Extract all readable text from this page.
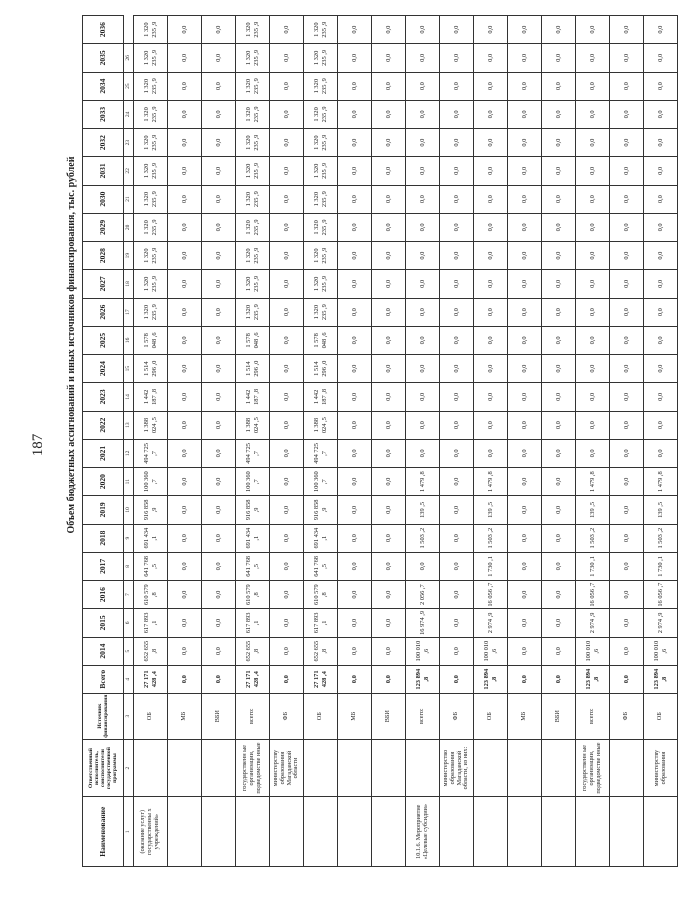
187 Объем бюджетных ассигнований и иных источников финансирования, тыс. рублей
Наименование	Ответственный исполнитель, соисполнители государственной программы	Источник финансирования	Всего	2014	2015	2016	2017	2018	2019	2020	2021	2022	2023	2024	2025	2026	2027	2028	2029	2030	2031	2032	2033	2034	2035	2036
1	2	3	4	5	6	7	8	9	10	11	12	13	14	15	16	17	18	19	20	21	22	23	24	25	26	
(оказание услуг) государственны х учреждений»		ОБ	27 171 428 ,4	652 655 ,8	617 893 ,1	610 579 ,8	641 768 ,5	691 434 ,1	916 858 ,9	100 360 ,7	494 725 ,7	1 388 024 ,5	1 442 187 ,8	1 514 296 ,0	1 578 048 ,6	1 320 235 ,9	1 320 235 ,9	1 320 235 ,9	1 320 235 ,9	1 320 235 ,9	1 320 235 ,9	1 320 235 ,9	1 320 235 ,9	1 320 235 ,9	1 320 235 ,9	1 320 235 ,9
		МБ	0,0	0,0	0,0	0,0	0,0	0,0	0,0	0,0	0,0	0,0	0,0	0,0	0,0	0,0	0,0	0,0	0,0	0,0	0,0	0,0	0,0	0,0	0,0	0,0
		ВБИ	0,0	0,0	0,0	0,0	0,0	0,0	0,0	0,0	0,0	0,0	0,0	0,0	0,0	0,0	0,0	0,0	0,0	0,0	0,0	0,0	0,0	0,0	0,0	0,0
	государственн ые организации, подведомстве нные	всего:	27 171 428 ,4	652 655 ,8	617 893 ,1	610 579 ,8	641 768 ,5	691 434 ,1	916 858 ,9	100 360 ,7	494 725 ,7	1 388 024 ,5	1 442 187 ,8	1 514 296 ,0	1 578 048 ,6	1 320 235 ,9	1 320 235 ,9	1 320 235 ,9	1 320 235 ,9	1 320 235 ,9	1 320 235 ,9	1 320 235 ,9	1 320 235 ,9	1 320 235 ,9	1 320 235 ,9	1 320 235 ,9
	министерству образования Магаданской области	ФБ	0,0	0,0	0,0	0,0	0,0	0,0	0,0	0,0	0,0	0,0	0,0	0,0	0,0	0,0	0,0	0,0	0,0	0,0	0,0	0,0	0,0	0,0	0,0	0,0
		ОБ	27 171 428 ,4	652 655 ,8	617 893 ,1	610 579 ,8	641 768 ,5	691 434 ,1	916 858 ,9	100 360 ,7	494 725 ,7	1 388 024 ,5	1 442 187 ,8	1 514 296 ,0	1 578 048 ,6	1 320 235 ,9	1 320 235 ,9	1 320 235 ,9	1 320 235 ,9	1 320 235 ,9	1 320 235 ,9	1 320 235 ,9	1 320 235 ,9	1 320 235 ,9	1 320 235 ,9	1 320 235 ,9
		МБ	0,0	0,0	0,0	0,0	0,0	0,0	0,0	0,0	0,0	0,0	0,0	0,0	0,0	0,0	0,0	0,0	0,0	0,0	0,0	0,0	0,0	0,0	0,0	0,0
		ВБИ	0,0	0,0	0,0	0,0	0,0	0,0	0,0	0,0	0,0	0,0	0,0	0,0	0,0	0,0	0,0	0,0	0,0	0,0	0,0	0,0	0,0	0,0	0,0	0,0
10.1.6. Мероприятие «Целевые субсидии»		всего:	123 894 ,8	100 010 ,6	16 974 ,9	2 056 ,7	0,0	1 503 ,2	139 ,5	1 479 ,8	0,0	0,0	0,0	0,0	0,0	0,0	0,0	0,0	0,0	0,0	0,0	0,0	0,0	0,0	0,0	0,0
	министерство образования Магаданской области, из них:	ФБ	0,0	0,0	0,0	0,0	0,0	0,0	0,0	0,0	0,0	0,0	0,0	0,0	0,0	0,0	0,0	0,0	0,0	0,0	0,0	0,0	0,0	0,0	0,0	0,0
		ОБ	123 894 ,8	100 010 ,6	2 974 ,9	16 056 ,7	1 730 ,1	1 503 ,2	139 ,5	1 479 ,8	0,0	0,0	0,0	0,0	0,0	0,0	0,0	0,0	0,0	0,0	0,0	0,0	0,0	0,0	0,0	0,0
		МБ	0,0	0,0	0,0	0,0	0,0	0,0	0,0	0,0	0,0	0,0	0,0	0,0	0,0	0,0	0,0	0,0	0,0	0,0	0,0	0,0	0,0	0,0	0,0	0,0
		ВБИ	0,0	0,0	0,0	0,0	0,0	0,0	0,0	0,0	0,0	0,0	0,0	0,0	0,0	0,0	0,0	0,0	0,0	0,0	0,0	0,0	0,0	0,0	0,0	0,0
	государственн ые организации, подведомстве нные	всего:	123 894 ,8	100 010 ,6	2 974 ,9	16 056 ,7	1 730 ,1	1 503 ,2	139 ,5	1 479 ,8	0,0	0,0	0,0	0,0	0,0	0,0	0,0	0,0	0,0	0,0	0,0	0,0	0,0	0,0	0,0	0,0
		ФБ	0,0	0,0	0,0	0,0	0,0	0,0	0,0	0,0	0,0	0,0	0,0	0,0	0,0	0,0	0,0	0,0	0,0	0,0	0,0	0,0	0,0	0,0	0,0	0,0
	министерству образования	ОБ	123 894 ,8	100 010 ,6	2 974 ,9	16 056 ,7	1 730 ,1	1 503 ,2	139 ,5	1 479 ,8	0,0	0,0	0,0	0,0	0,0	0,0	0,0	0,0	0,0	0,0	0,0	0,0	0,0	0,0	0,0	0,0
